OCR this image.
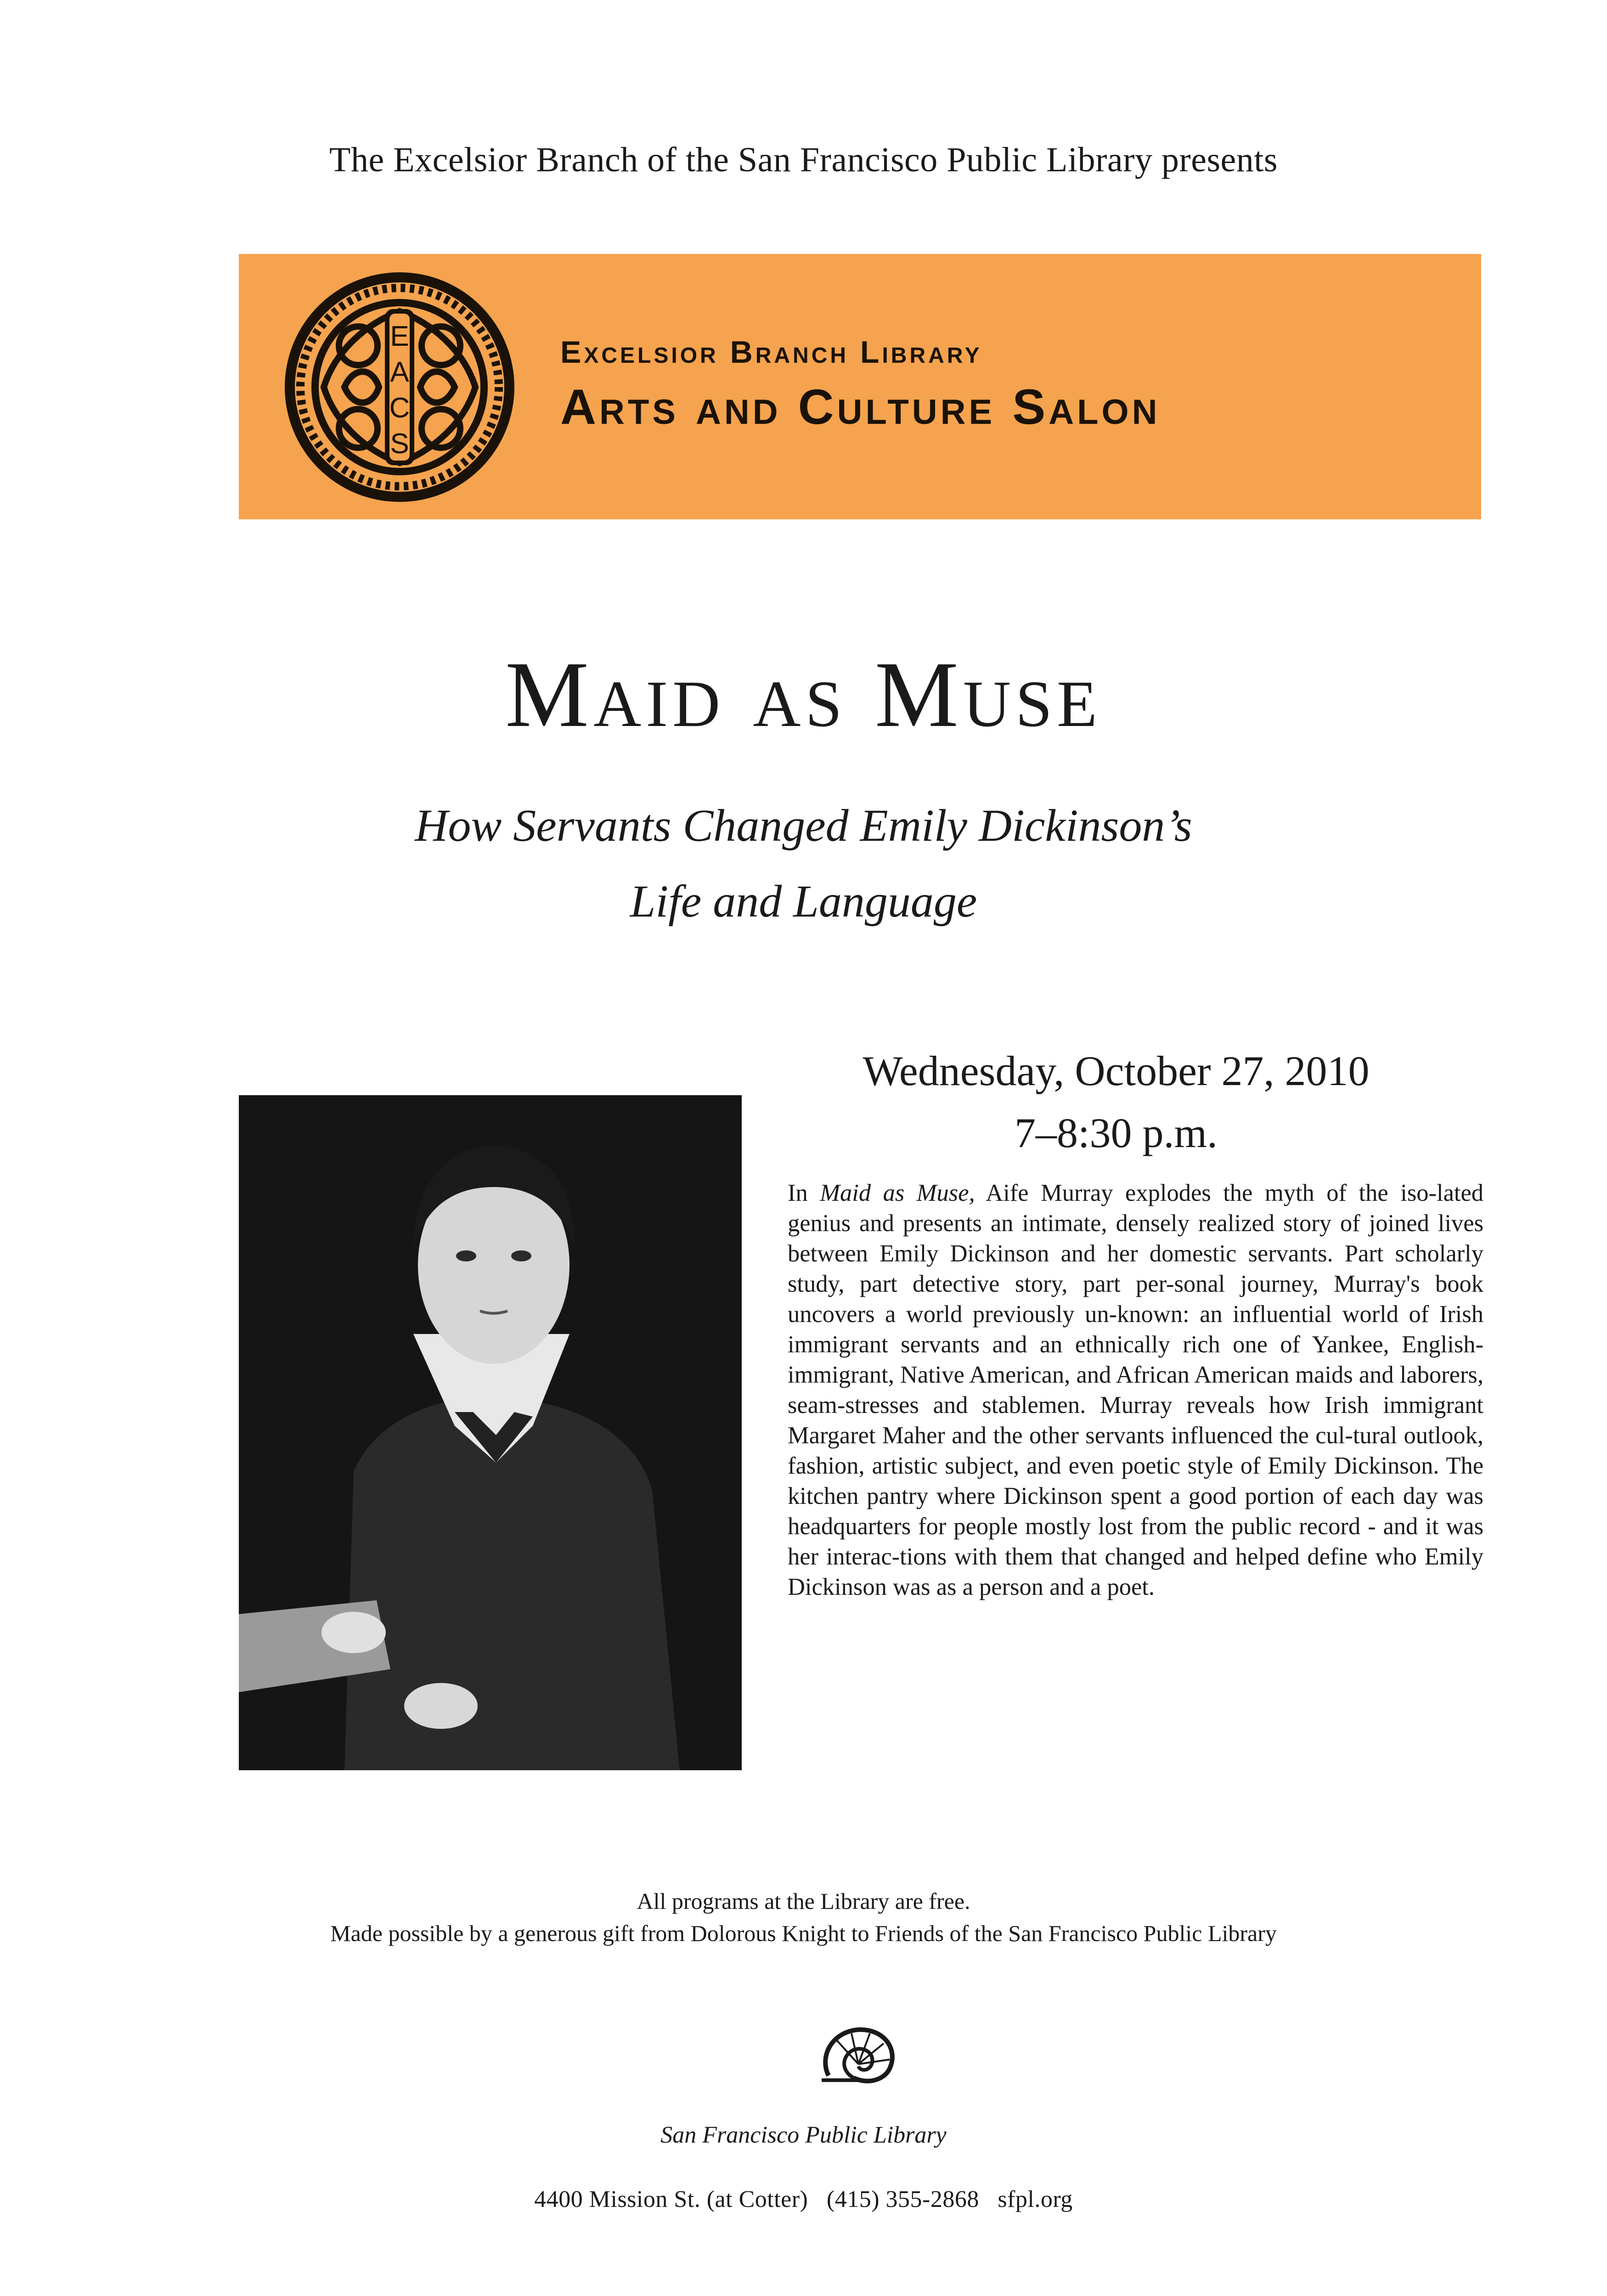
The Excelsior Branch of the San Francisco Public Library presents
E
A
C
S
Excelsior Branch Library
Arts and Culture Salon
Maid as Muse
How Servants Changed Emily Dickinson’s
Life and Language
Wednesday, October 27, 2010
7–8:30 p.m.
In Maid as Muse, Aife Murray explodes the myth of the iso-lated genius and presents an intimate, densely realized story of joined lives between Emily Dickinson and her domestic servants. Part scholarly study, part detective story, part per-sonal journey, Murray's book uncovers a world previously un-known: an influential world of Irish immigrant servants and an ethnically rich one of Yankee, English-immigrant, Native American, and African American maids and laborers, seam-stresses and stablemen. Murray reveals how Irish immigrant Margaret Maher and the other servants influenced the cul-tural outlook, fashion, artistic subject, and even poetic style of Emily Dickinson. The kitchen pantry where Dickinson spent a good portion of each day was headquarters for people mostly lost from the public record - and it was her interac-tions with them that changed and helped define who Emily Dickinson was as a person and a poet.
All programs at the Library are free.
Made possible by a generous gift from Dolorous Knight to Friends of the San Francisco Public Library
San Francisco Public Library
4400 Mission St. (at Cotter) (415) 355-2868 sfpl.org
